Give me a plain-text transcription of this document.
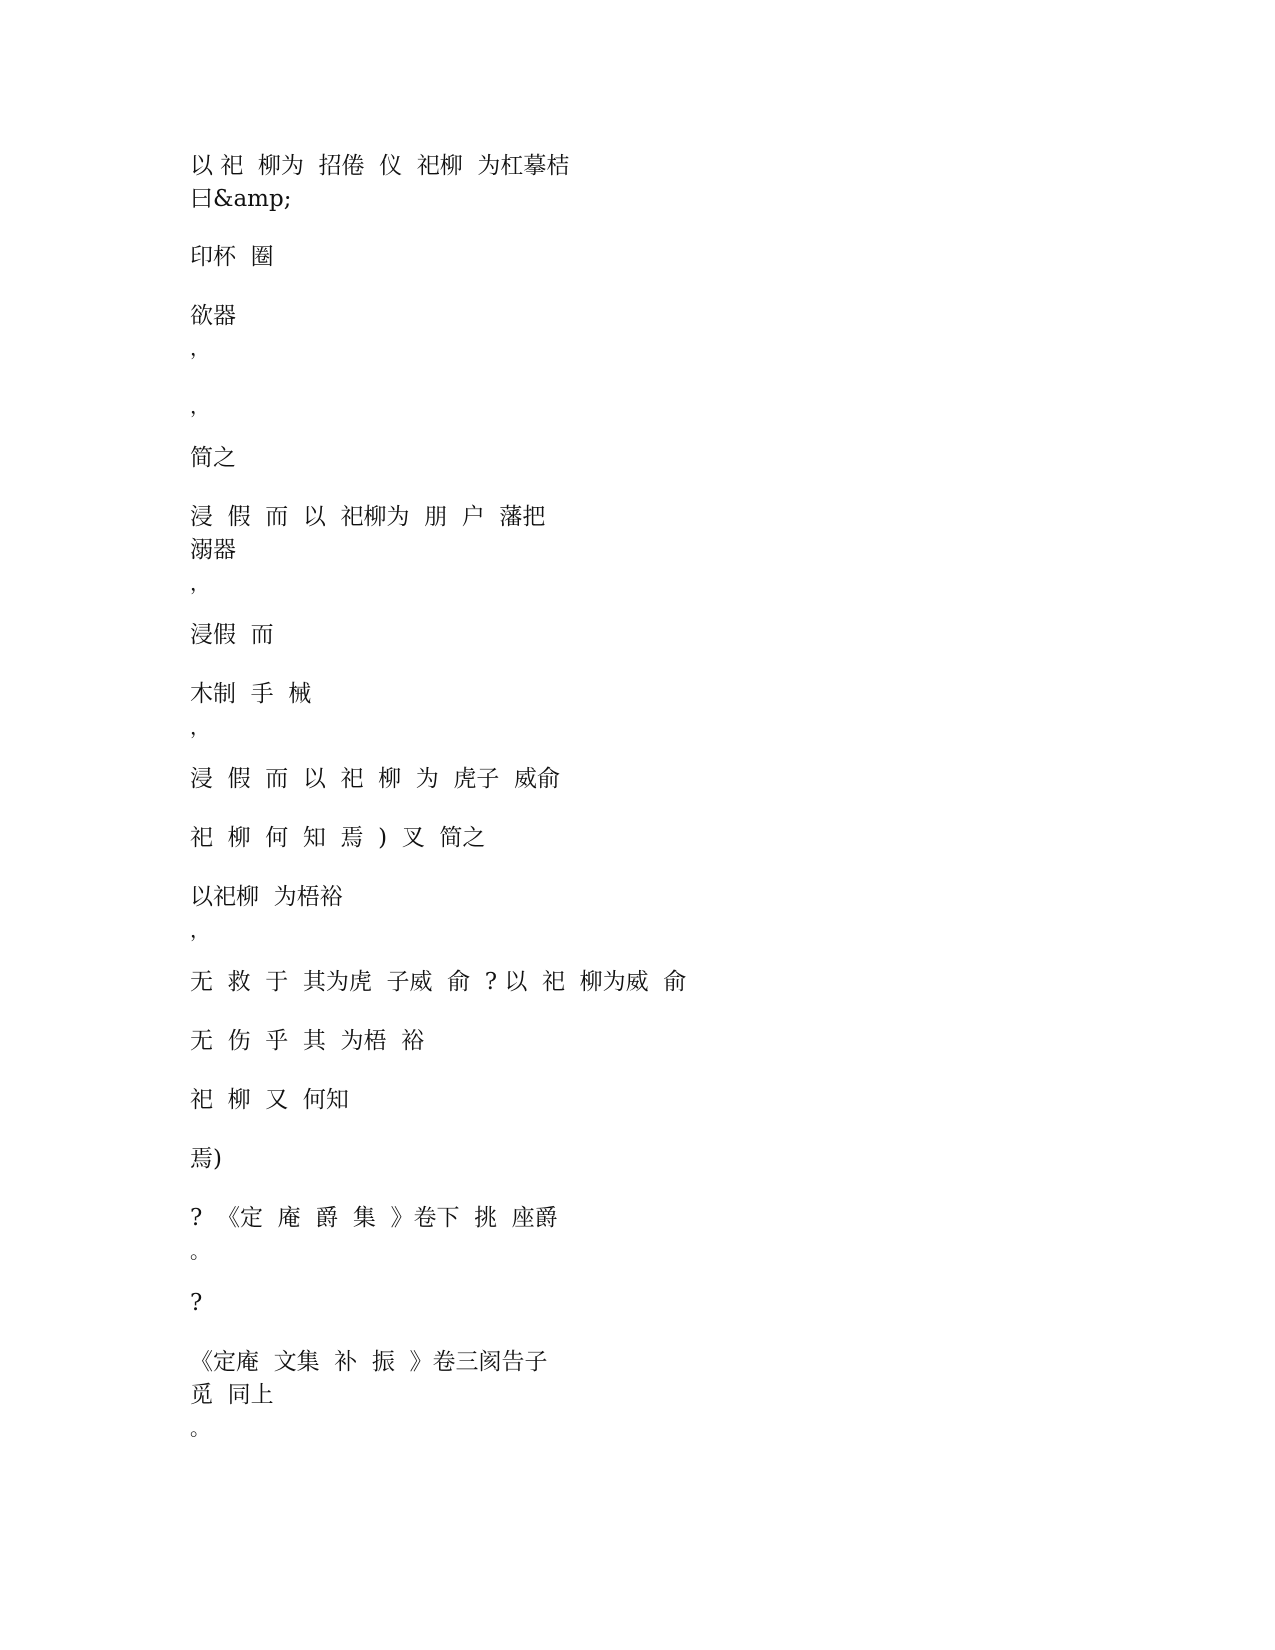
以 祀  柳为  招倦  仪  祀柳  为杠摹桔
曰&amp;
印杯  圈
欲器
，
，
简之
浸  假  而  以  祀柳为  朋  户  藩把
溺器
，
浸假  而
木制  手  械
，
浸  假  而  以  祀  柳  为  虎子  威俞
祀  柳  何  知  焉  )  叉  简之
以祀柳  为梧裕
，
无  救  于  其为虎  子威  俞  ? 以  祀  柳为威  俞
无  伤  乎  其  为梧  裕
祀  柳  又  何知
焉)
?  《定  庵  爵  集  》卷下  挑  座爵
。
?
《定庵  文集  补  振  》卷三阂告子
觅  同上
。
